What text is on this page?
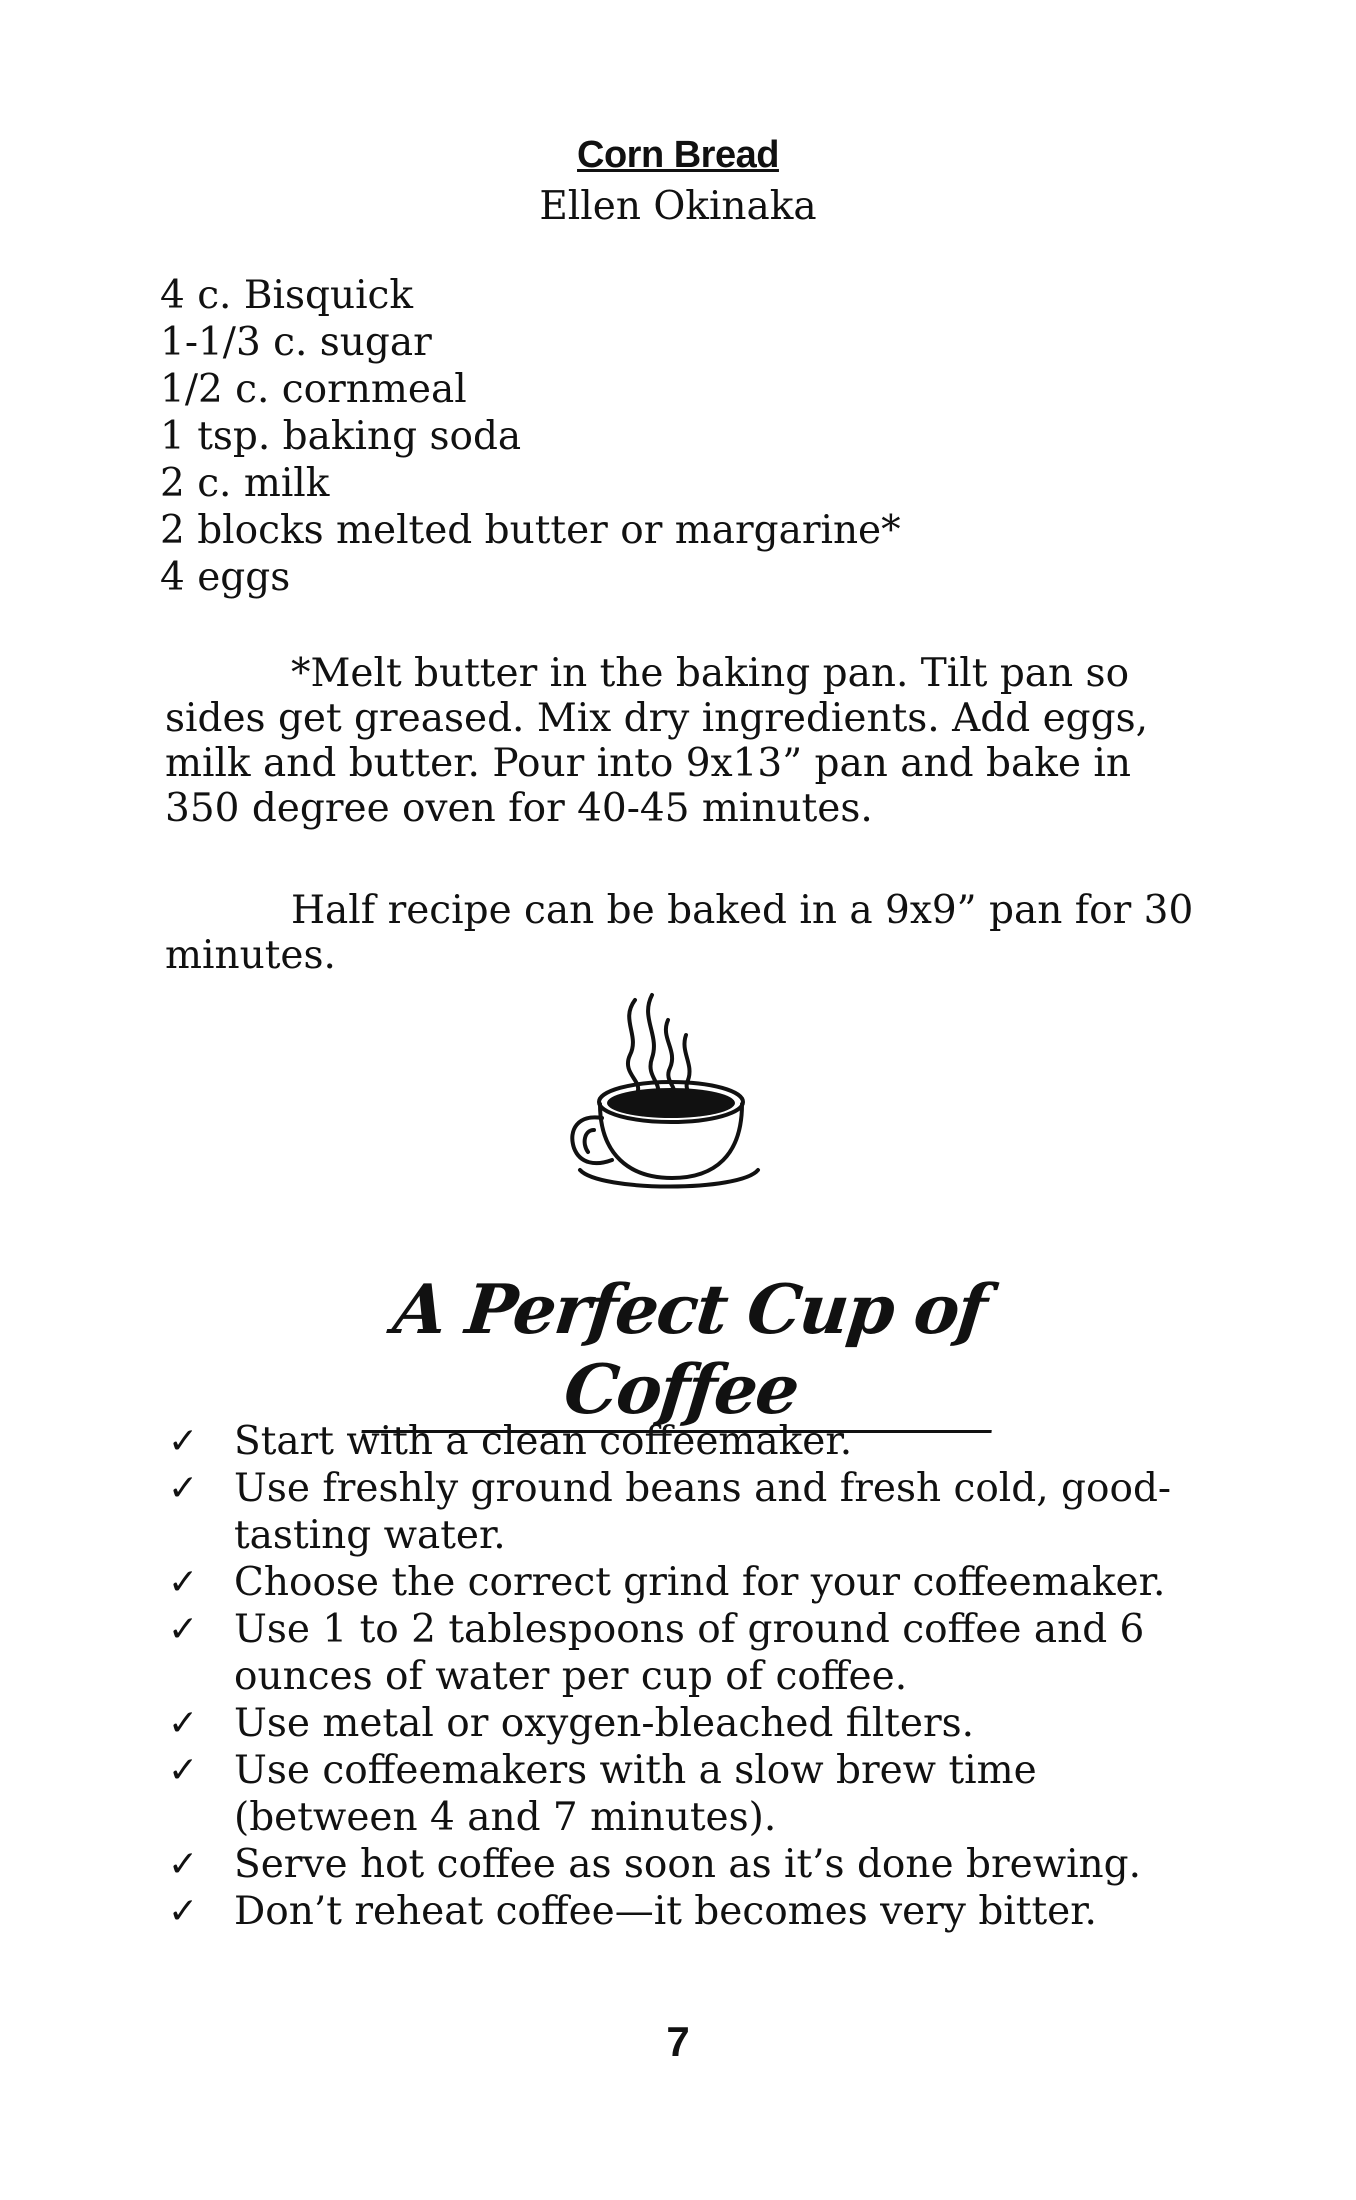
Corn Bread
Ellen Okinaka
4 c. Bisquick
1-1/3 c. sugar
1/2 c. cornmeal
1 tsp. baking soda
2 c. milk
2 blocks melted butter or margarine*
4 eggs

*Melt butter in the baking pan. Tilt pan so sides get greased. Mix dry ingredients. Add eggs, milk and butter. Pour into 9x13” pan and bake in 350 degree oven for 40-45 minutes.

Half recipe can be baked in a 9x9” pan for 30 minutes.

A Perfect Cup of Coffee
✓ Start with a clean coffeemaker.
✓ Use freshly ground beans and fresh cold, good-tasting water.
✓ Choose the correct grind for your coffeemaker.
✓ Use 1 to 2 tablespoons of ground coffee and 6 ounces of water per cup of coffee.
✓ Use metal or oxygen-bleached filters.
✓ Use coffeemakers with a slow brew time (between 4 and 7 minutes).
✓ Serve hot coffee as soon as it’s done brewing.
✓ Don’t reheat coffee—it becomes very bitter.
7
